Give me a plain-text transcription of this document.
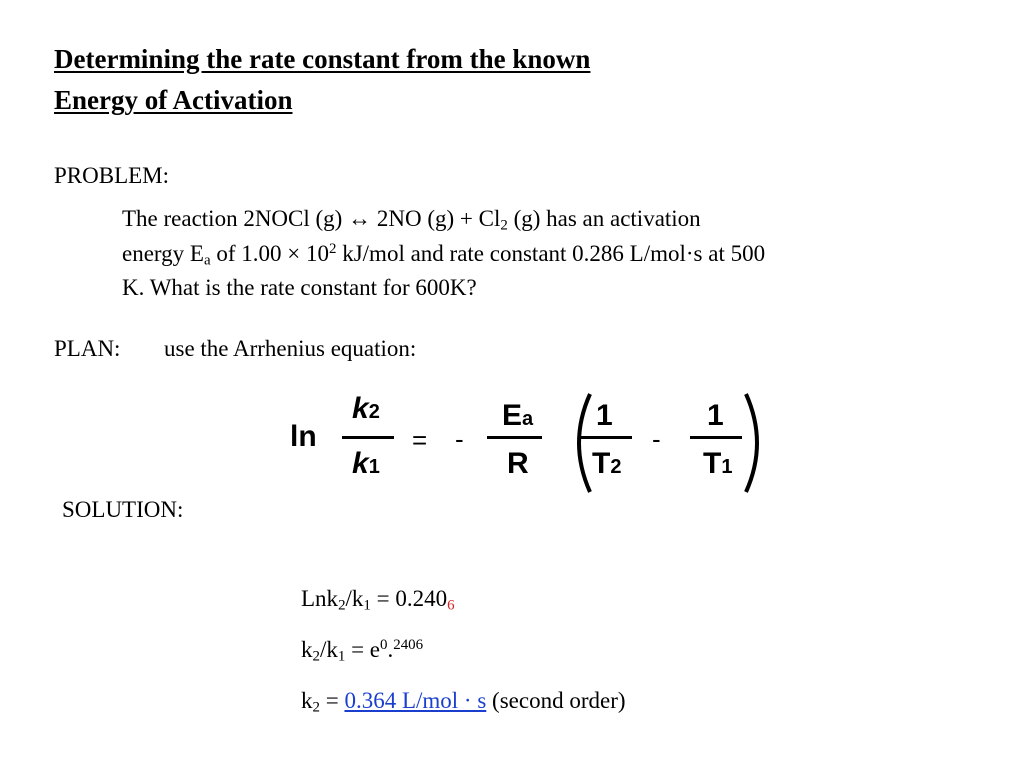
Determining the rate constant from the known
Energy of Activation
PROBLEM:
The reaction 2NOCl (g) ↔ 2NO $(g) + Cl_2$ (g) has an activation
energy $E_a$ of $1.00 \times 10^2$ kJ/mol and rate constant 0.286 L/mol·s at 500
K. What is the rate constant for 600K?
PLAN: use the Arrhenius equation:
ln
k2
k1
= -
Ea
R
1
T2
-
1
T1
SOLUTION:
$Lnk_2/k_1 = 0.240_6$
$k_2/k_1 = e^0.^{2406}$
$k_2 = 0.364$ L/mol · s (second order)
